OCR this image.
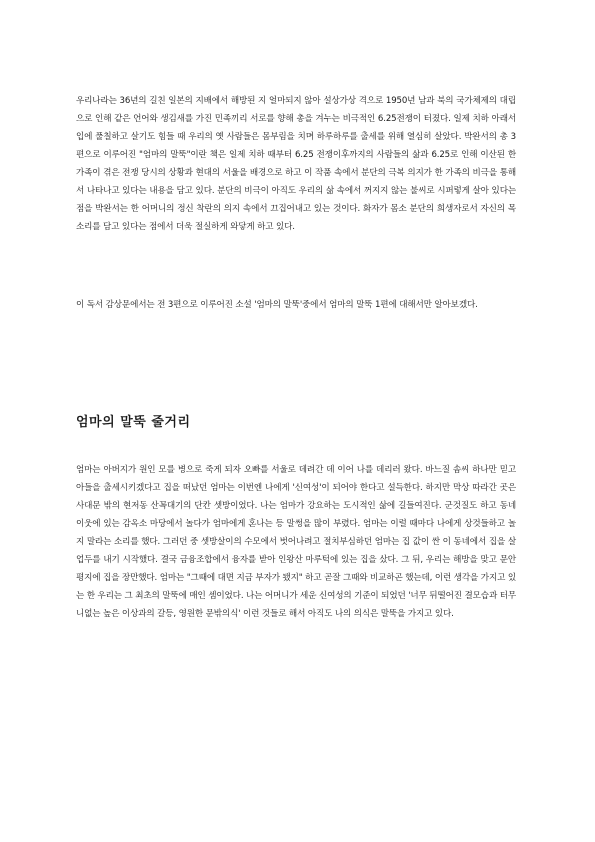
우리나라는 36년의 길친 일본의 지배에서 해방된 지 얼마되지 않아 설상가상 격으로 1950년 남과 북의 국가체제의 대립으로 인해 같은 언어와 생김새를 가진 민족끼리 서로를 향해 총을 겨누는 비극적인 6.25전쟁이 터졌다. 일제 치하 아래서 입에 풀칠하고 살기도 힘들 때 우리의 옛 사람들은 몸부림을 치며 하루하루를 출세를 위해 열심히 살았다. 박완서의 총 3편으로 이루어진 "엄마의 말뚝"이란 책은 일제 치하 때부터 6.25 전쟁이후까지의 사람들의 삶과 6.25로 인해 이산된 한 가족이 겪은 전쟁 당시의 상황과 현대의 서울을 배경으로 하고 이 작품 속에서 분단의 극복 의지가 한 가족의 비극을 통해서 나타나고 있다는 내용을 담고 있다. 분단의 비극이 아직도 우리의 삶 속에서 꺼지지 않는 불씨로 시퍼렇게 살아 있다는 점을 박완서는 한 어머니의 정신 착란의 의지 속에서 끄집어내고 있는 것이다. 화자가 몸소 분단의 희생자로서 자신의 목소리를 담고 있다는 점에서 더욱 절실하게 와닿게 하고 있다.

이 독서 감상문에서는 전 3편으로 이루어진 소설 '엄마의 말뚝'중에서 엄마의 말뚝 1편에 대해서만 알아보겠다.

엄마의 말뚝 줄거리

엄마는 아버지가 원인 모를 병으로 죽게 되자 오빠를 서울로 데려간 데 이어 나를 데리러 왔다. 바느질 솜씨 하나만 믿고 아들을 출세시키겠다고 집을 떠났던 엄마는 이번엔 나에게 '신여성'이 되어야 한다고 설득한다. 하지만 막상 따라간 곳은 사대문 밖의 현저동 산꼭대기의 단칸 셋방이었다. 나는 엄마가 강요하는 도시적인 삶에 길들여진다. 군것질도 하고 동네 이웃에 있는 감옥소 마당에서 놀다가 엄마에게 혼나는 등 말썽을 많이 부렸다. 엄마는 이럴 때마다 나에게 상것들하고 놀지 말라는 소리를 했다. 그러던 중 셋방살이의 수모에서 벗어나려고 절치부심하던 엄마는 집 값이 싼 이 동네에서 집을 살 업두를 내기 시작했다. 결국 금융조합에서 융자를 받아 인왕산 마루턱에 있는 집을 샀다. 그 뒤, 우리는 해방을 맞고 문안 평지에 집을 장만했다. 엄마는 "그때에 대면 지금 부자가 됐지" 하고 곧잘 그때와 비교하곤 했는데, 이런 생각을 가지고 있는 한 우리는 그 최초의 말뚝에 매인 셈이었다. 나는 어머니가 세운 신여성의 기준이 되었던 '너무 뒤떨어진 결모습과 터무니없는 높은 이상과의 갈등, 영원한 문밖의식' 이런 것들로 해서 아직도 나의 의식은 말뚝을 가지고 있다.
